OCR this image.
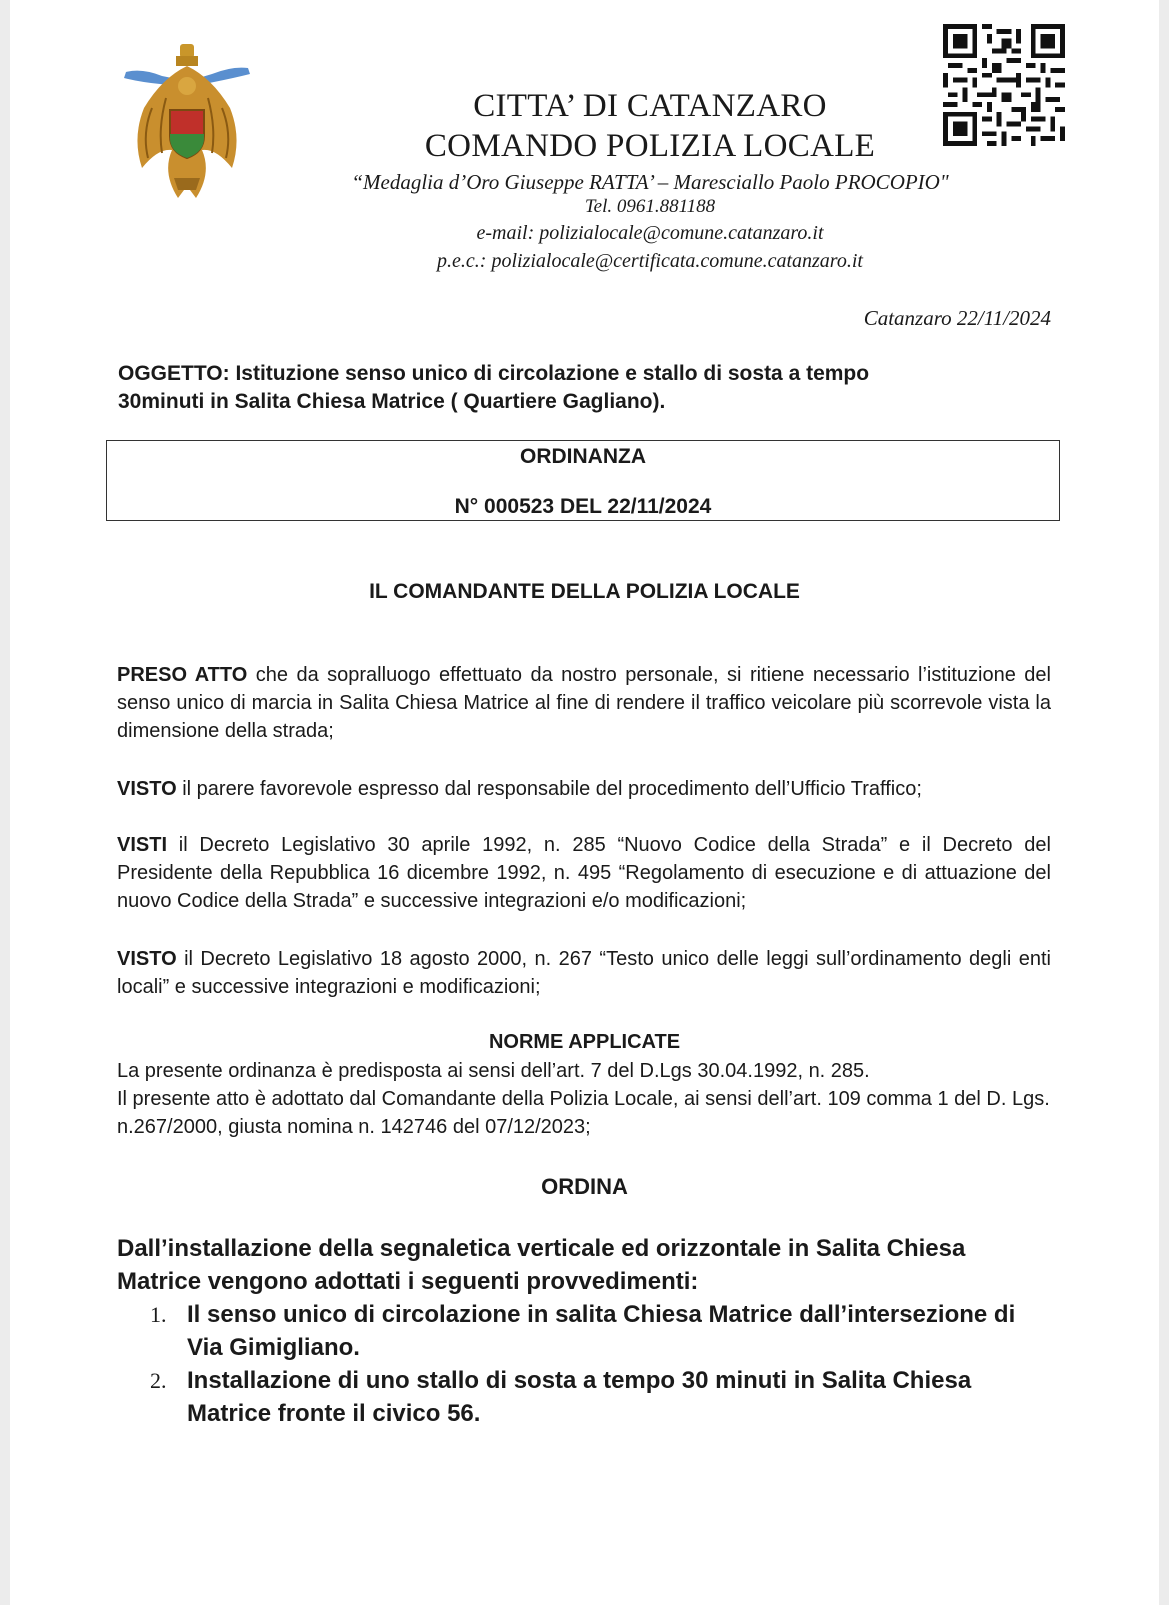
CITTA’ DI CATANZARO
COMANDO POLIZIA LOCALE
“Medaglia d’Oro Giuseppe RATTA’ – Maresciallo Paolo PROCOPIO"
Tel. 0961.881188
e-mail: polizialocale@comune.catanzaro.it
p.e.c.: polizialocale@certificata.comune.catanzaro.it
Catanzaro 22/11/2024
OGGETTO: Istituzione senso unico di circolazione e stallo di sosta a tempo 30minuti in Salita Chiesa Matrice ( Quartiere Gagliano).
ORDINANZA
N° 000523 DEL 22/11/2024
IL COMANDANTE DELLA POLIZIA LOCALE
PRESO ATTO che da sopralluogo effettuato da nostro personale, si ritiene necessario l’istituzione del senso unico di marcia in Salita Chiesa Matrice al fine di rendere il traffico veicolare più scorrevole vista la dimensione della strada;
VISTO il parere favorevole espresso dal responsabile del procedimento dell’Ufficio Traffico;
VISTI il Decreto Legislativo 30 aprile 1992, n. 285 “Nuovo Codice della Strada” e il Decreto del Presidente della Repubblica 16 dicembre 1992, n. 495 “Regolamento di esecuzione e di attuazione del nuovo Codice della Strada” e successive integrazioni e/o modificazioni;
VISTO il Decreto Legislativo 18 agosto 2000, n. 267 “Testo unico delle leggi sull’ordinamento degli enti locali” e successive integrazioni e modificazioni;
NORME APPLICATE
La presente ordinanza è predisposta ai sensi dell’art. 7 del D.Lgs 30.04.1992, n. 285.
Il presente atto è adottato dal Comandante della Polizia Locale, ai sensi dell’art. 109 comma 1 del D. Lgs. n.267/2000, giusta nomina n. 142746 del 07/12/2023;
ORDINA
Dall’installazione della segnaletica verticale ed orizzontale in Salita Chiesa Matrice vengono adottati i seguenti provvedimenti:
1. Il senso unico di circolazione in salita Chiesa Matrice dall’intersezione di Via Gimigliano.
2. Installazione di uno stallo di sosta a tempo 30 minuti in Salita Chiesa Matrice fronte il civico 56.
